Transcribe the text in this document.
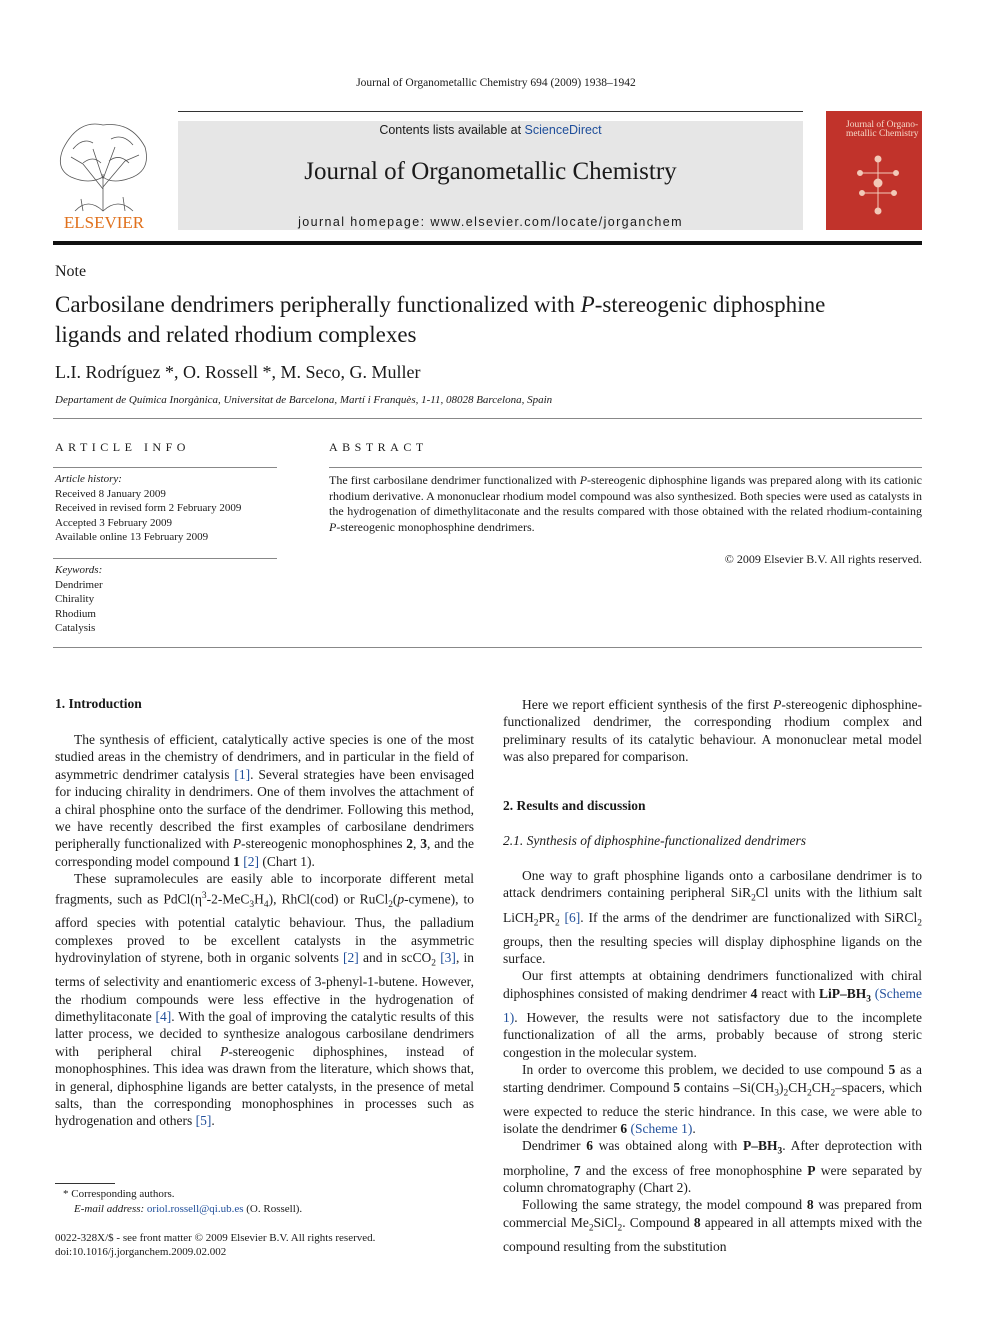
Journal of Organometallic Chemistry 694 (2009) 1938–1942
ELSEVIER
Contents lists available at ScienceDirect
Journal of Organometallic Chemistry
journal homepage: www.elsevier.com/locate/jorganchem
Journal of Organo-metallic Chemistry
Note
Carbosilane dendrimers peripherally functionalized with P-stereogenic diphosphine ligands and related rhodium complexes
L.I. Rodríguez *, O. Rossell *, M. Seco, G. Muller
Departament de Química Inorgànica, Universitat de Barcelona, Martí i Franquès, 1-11, 08028 Barcelona, Spain
ARTICLE INFO
Article history:
Received 8 January 2009
Received in revised form 2 February 2009
Accepted 3 February 2009
Available online 13 February 2009
Keywords:
Dendrimer
Chirality
Rhodium
Catalysis
ABSTRACT
The first carbosilane dendrimer functionalized with P-stereogenic diphosphine ligands was prepared along with its cationic rhodium derivative. A mononuclear rhodium model compound was also synthesized. Both species were used as catalysts in the hydrogenation of dimethylitaconate and the results compared with those obtained with the related rhodium-containing P-stereogenic monophosphine dendrimers.
© 2009 Elsevier B.V. All rights reserved.
1. Introduction

The synthesis of efficient, catalytically active species is one of the most studied areas in the chemistry of dendrimers, and in particular in the field of asymmetric dendrimer catalysis [1]. Several strategies have been envisaged for inducing chirality in dendrimers. One of them involves the attachment of a chiral phosphine onto the surface of the dendrimer. Following this method, we have recently described the first examples of carbosilane dendrimers peripherally functionalized with P-stereogenic monophosphines 2, 3, and the corresponding model compound 1 [2] (Chart 1).

These supramolecules are easily able to incorporate different metal fragments, such as $PdCl(\eta^3-2-MeC_3H_4)$, RhCl(cod) or RuCl$_2$(p-cymene), to afford species with potential catalytic behaviour. Thus, the palladium complexes proved to be excellent catalysts in the asymmetric hydrovinylation of styrene, both in organic solvents [2] and in scCO$_2$ [3], in terms of selectivity and enantiomeric excess of 3-phenyl-1-butene. However, the rhodium compounds were less effective in the hydrogenation of dimethylitaconate [4]. With the goal of improving the catalytic results of this latter process, we decided to synthesize analogous carbosilane dendrimers with peripheral chiral P-stereogenic diphosphines, instead of monophosphines. This idea was drawn from the literature, which shows that, in general, diphosphine ligands are better catalysts, in the presence of metal salts, than the corresponding monophosphines in processes such as hydrogenation and others [5].

Here we report efficient synthesis of the first P-stereogenic diphosphine-functionalized dendrimer, the corresponding rhodium complex and preliminary results of its catalytic behaviour. A mononuclear metal model was also prepared for comparison.

2. Results and discussion
2.1. Synthesis of diphosphine-functionalized dendrimers

One way to graft phosphine ligands onto a carbosilane dendrimer is to attack dendrimers containing peripheral SiR$_2$Cl units with the lithium salt $LiCH_2PR_2$ [6]. If the arms of the dendrimer are functionalized with SiRCl$_2$ groups, then the resulting species will display diphosphine ligands on the surface.

Our first attempts at obtaining dendrimers functionalized with chiral diphosphines consisted of making dendrimer 4 react with LiP–$BH_3$ (Scheme 1). However, the results were not satisfactory due to the incomplete functionalization of all the arms, probably because of strong steric congestion in the molecular system.

In order to overcome this problem, we decided to use compound 5 as a starting dendrimer. Compound 5 contains $-Si(CH_3)_2CH_2CH_2$–spacers, which were expected to reduce the steric hindrance. In this case, we were able to isolate the dendrimer 6 (Scheme 1).

Dendrimer 6 was obtained along with $P-BH_3$. After deprotection with morpholine, 7 and the excess of free monophosphine P were separated by column chromatography (Chart 2).

Following the same strategy, the model compound 8 was prepared from commercial $Me_2SiCl_2$. Compound 8 appeared in all attempts mixed with the compound resulting from the substitution

* Corresponding authors.
E-mail address: oriol.rossell@qi.ub.es (O. Rossell).
0022-328X/$ - see front matter © 2009 Elsevier B.V. All rights reserved.
doi:10.1016/j.jorganchem.2009.02.002
